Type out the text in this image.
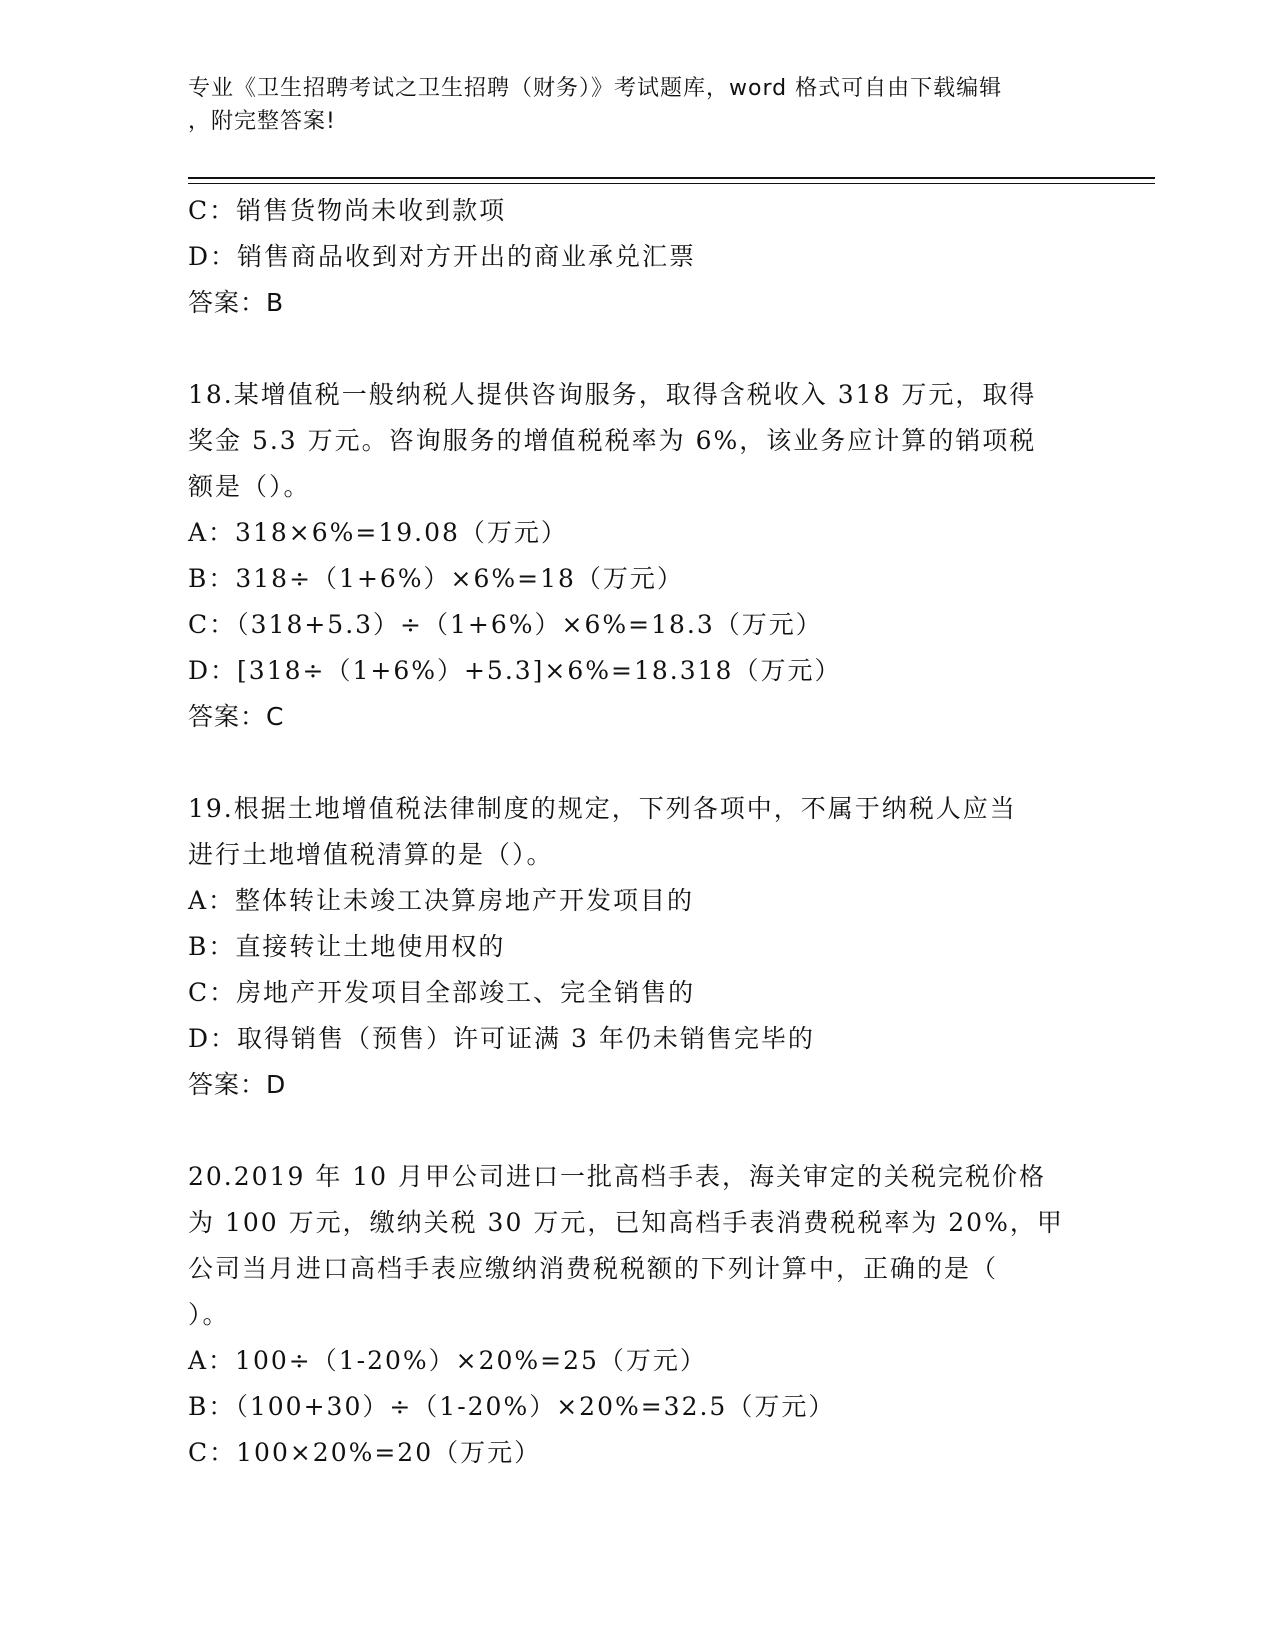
专业《卫生招聘考试之卫生招聘（财务）》考试题库，word 格式可自由下载编辑
，附完整答案!
C：销售货物尚未收到款项
D：销售商品收到对方开出的商业承兑汇票
答案：B
18.某增值税一般纳税人提供咨询服务，取得含税收入 318 万元，取得
奖金 5.3 万元。咨询服务的增值税税率为 6%，该业务应计算的销项税
额是（）。
A：318×6%=19.08（万元）
B：318÷（1+6%）×6%=18（万元）
C：（318+5.3）÷（1+6%）×6%=18.3（万元）
D：[318÷（1+6%）+5.3]×6%=18.318（万元）
答案：C
19.根据土地增值税法律制度的规定，下列各项中，不属于纳税人应当
进行土地增值税清算的是（）。
A：整体转让未竣工决算房地产开发项目的
B：直接转让土地使用权的
C：房地产开发项目全部竣工、完全销售的
D：取得销售（预售）许可证满 3 年仍未销售完毕的
答案：D
20.2019 年 10 月甲公司进口一批高档手表，海关审定的关税完税价格
为 100 万元，缴纳关税 30 万元，已知高档手表消费税税率为 20%，甲
公司当月进口高档手表应缴纳消费税税额的下列计算中，正确的是（
）。
A：100÷（1-20%）×20%=25（万元）
B：（100+30）÷（1-20%）×20%=32.5（万元）
C：100×20%=20（万元）
